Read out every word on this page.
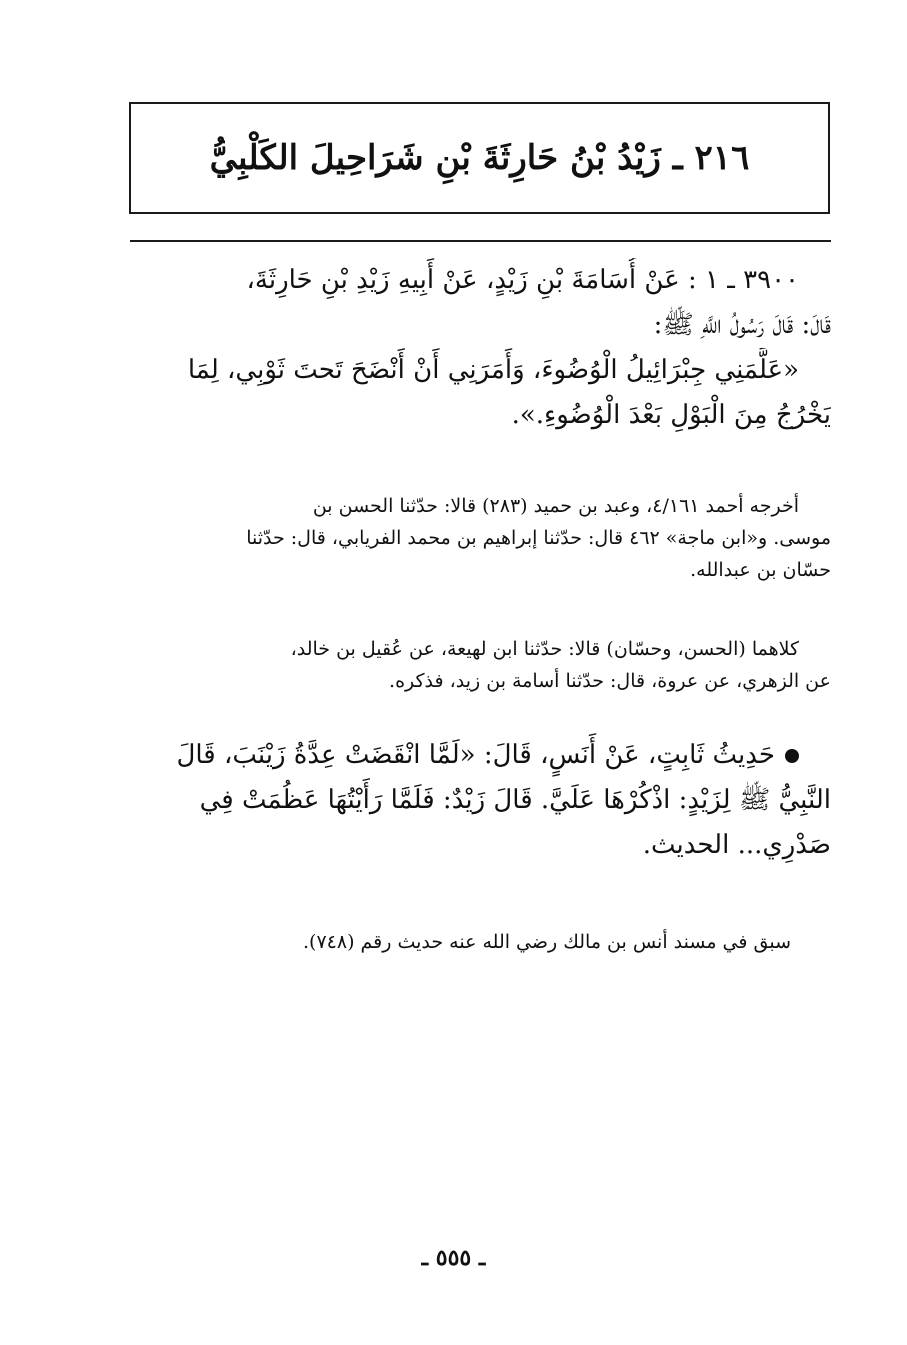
٢١٦ ـ زَيْدُ بْنُ حَارِثَةَ بْنِ شَرَاحِيلَ الكَلْبِيُّ
٣٩٠٠ ـ ١ : عَنْ أُسَامَةَ بْنِ زَيْدٍ، عَنْ أَبِيهِ زَيْدِ بْنِ حَارِثَةَ،
قَالَ: قَالَ رَسُولُ اللَّهِ ﷺ:
«عَلَّمَنِي جِبْرَائِيلُ الْوُضُوءَ، وَأَمَرَنِي أَنْ أَنْضَحَ تَحتَ ثَوْبِي، لِمَا
يَخْرُجُ مِنَ الْبَوْلِ بَعْدَ الْوُضُوءِ.».
أخرجه أحمد ٤/١٦١، وعبد بن حميد (٢٨٣) قالا: حدّثنا الحسن بن
موسى. و«ابن ماجة» ٤٦٢ قال: حدّثنا إبراهيم بن محمد الفريابي، قال: حدّثنا
حسّان بن عبدالله.
كلاهما (الحسن، وحسّان) قالا: حدّثنا ابن لهيعة، عن عُقيل بن خالد،
عن الزهري، عن عروة، قال: حدّثنا أسامة بن زيد، فذكره.
حَدِيثُ ثَابِتٍ، عَنْ أَنَسٍ، قَالَ: «لَمَّا انْقَضَتْ عِدَّةُ زَيْنَبَ، قَالَ
النَّبِيُّ ﷺ لِزَيْدٍ: اذْكُرْهَا عَلَيَّ. قَالَ زَيْدٌ: فَلَمَّا رَأَيْتُهَا عَظُمَتْ فِي
صَدْرِي... الحديث.
سبق في مسند أنس بن مالك رضي الله عنه حديث رقم (٧٤٨).
ـ ٥٥٥ ـ
